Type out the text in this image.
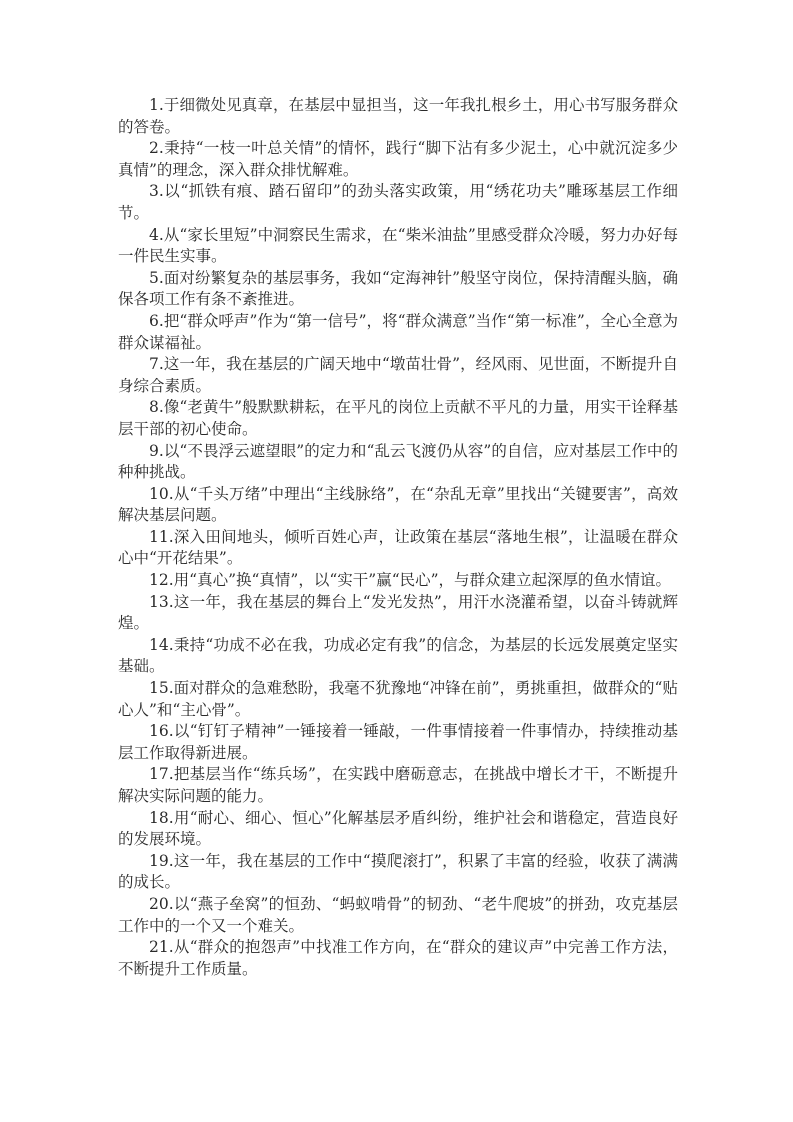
1.于细微处见真章，在基层中显担当，这一年我扎根乡土，用心书写服务群众的答卷。

2.秉持“一枝一叶总关情”的情怀，践行“脚下沾有多少泥土，心中就沉淀多少真情”的理念，深入群众排忧解难。

3.以“抓铁有痕、踏石留印”的劲头落实政策，用“绣花功夫”雕琢基层工作细节。

4.从“家长里短”中洞察民生需求，在“柴米油盐”里感受群众冷暖，努力办好每一件民生实事。

5.面对纷繁复杂的基层事务，我如“定海神针”般坚守岗位，保持清醒头脑，确保各项工作有条不紊推进。

6.把“群众呼声”作为“第一信号”，将“群众满意”当作“第一标准”，全心全意为群众谋福祉。

7.这一年，我在基层的广阔天地中“墩苗壮骨”，经风雨、见世面，不断提升自身综合素质。

8.像“老黄牛”般默默耕耘，在平凡的岗位上贡献不平凡的力量，用实干诠释基层干部的初心使命。

9.以“不畏浮云遮望眼”的定力和“乱云飞渡仍从容”的自信，应对基层工作中的种种挑战。

10.从“千头万绪”中理出“主线脉络”，在“杂乱无章”里找出“关键要害”，高效解决基层问题。

11.深入田间地头，倾听百姓心声，让政策在基层“落地生根”，让温暖在群众心中“开花结果”。

12.用“真心”换“真情”，以“实干”赢“民心”，与群众建立起深厚的鱼水情谊。

13.这一年，我在基层的舞台上“发光发热”，用汗水浇灌希望，以奋斗铸就辉煌。

14.秉持“功成不必在我，功成必定有我”的信念，为基层的长远发展奠定坚实基础。

15.面对群众的急难愁盼，我毫不犹豫地“冲锋在前”，勇挑重担，做群众的“贴心人”和“主心骨”。

16.以“钉钉子精神”一锤接着一锤敲，一件事情接着一件事情办，持续推动基层工作取得新进展。

17.把基层当作“练兵场”，在实践中磨砺意志，在挑战中增长才干，不断提升解决实际问题的能力。

18.用“耐心、细心、恒心”化解基层矛盾纠纷，维护社会和谐稳定，营造良好的发展环境。

19.这一年，我在基层的工作中“摸爬滚打”，积累了丰富的经验，收获了满满的成长。

20.以“燕子垒窝”的恒劲、“蚂蚁啃骨”的韧劲、“老牛爬坡”的拼劲，攻克基层工作中的一个又一个难关。

21.从“群众的抱怨声”中找准工作方向，在“群众的建议声”中完善工作方法，不断提升工作质量。
